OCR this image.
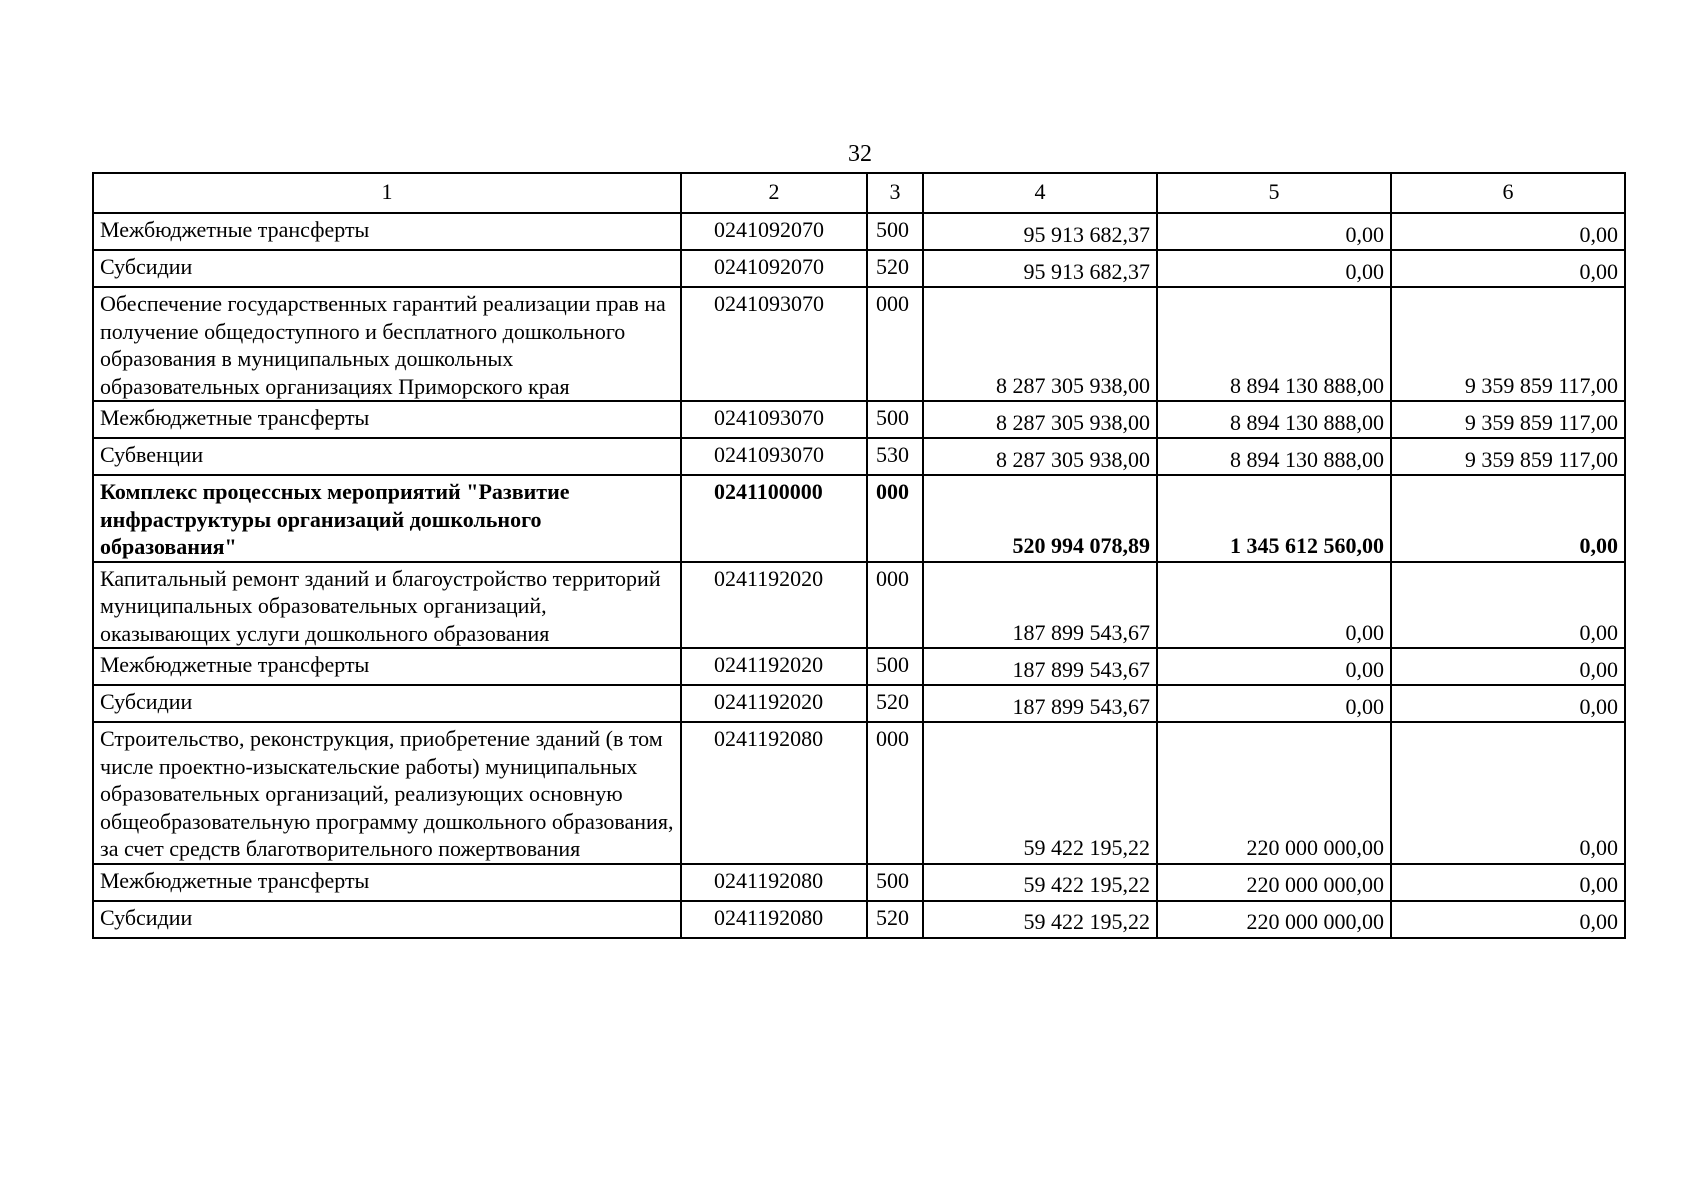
32
1	2	3	4	5	6
Межбюджетные трансферты	0241092070	500	95 913 682,37	0,00	0,00
Субсидии	0241092070	520	95 913 682,37	0,00	0,00
Обеспечение государственных гарантий реализации прав на получение общедоступного и бесплатного дошкольного образования в муниципальных дошкольных образовательных организациях Приморского края	0241093070	000	8 287 305 938,00	8 894 130 888,00	9 359 859 117,00
Межбюджетные трансферты	0241093070	500	8 287 305 938,00	8 894 130 888,00	9 359 859 117,00
Субвенции	0241093070	530	8 287 305 938,00	8 894 130 888,00	9 359 859 117,00
Комплекс процессных мероприятий "Развитие инфраструктуры организаций дошкольного образования"	0241100000	000	520 994 078,89	1 345 612 560,00	0,00
Капитальный ремонт зданий и благоустройство территорий муниципальных образовательных организаций, оказывающих услуги дошкольного образования	0241192020	000	187 899 543,67	0,00	0,00
Межбюджетные трансферты	0241192020	500	187 899 543,67	0,00	0,00
Субсидии	0241192020	520	187 899 543,67	0,00	0,00
Строительство, реконструкция, приобретение зданий (в том числе проектно-изыскательские работы) муниципальных образовательных организаций, реализующих основную общеобразовательную программу дошкольного образования, за счет средств благотворительного пожертвования	0241192080	000	59 422 195,22	220 000 000,00	0,00
Межбюджетные трансферты	0241192080	500	59 422 195,22	220 000 000,00	0,00
Субсидии	0241192080	520	59 422 195,22	220 000 000,00	0,00
